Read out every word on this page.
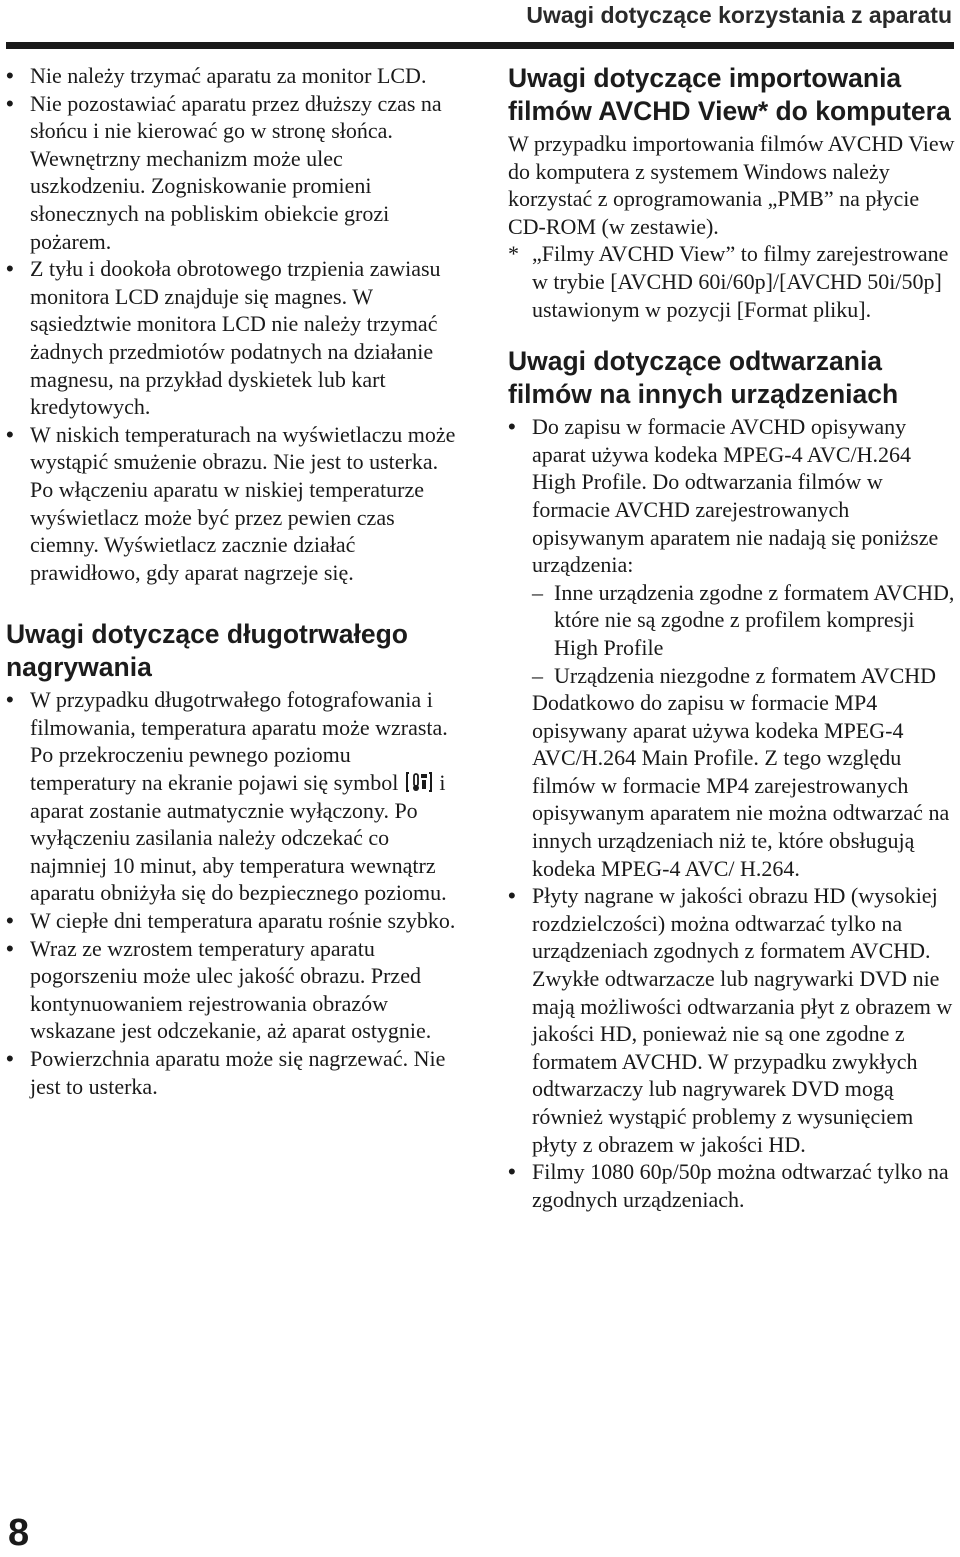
Uwagi dotyczące korzystania z aparatu
• Nie należy trzymać aparatu za monitor LCD.
• Nie pozostawiać aparatu przez dłuższy czas na słońcu i nie kierować go w stronę słońca. Wewnętrzny mechanizm może ulec uszkodzeniu. Zogniskowanie promieni słonecznych na pobliskim obiekcie grozi pożarem.
• Z tyłu i dookoła obrotowego trzpienia zawiasu monitora LCD znajduje się magnes. W sąsiedztwie monitora LCD nie należy trzymać żadnych przedmiotów podatnych na działanie magnesu, na przykład dyskietek lub kart kredytowych.
• W niskich temperaturach na wyświetlaczu może wystąpić smużenie obrazu. Nie jest to usterka. Po włączeniu aparatu w niskiej temperaturze wyświetlacz może być przez pewien czas ciemny. Wyświetlacz zacznie działać prawidłowo, gdy aparat nagrzeje się.
Uwagi dotyczące długotrwałego nagrywania
• W przypadku długotrwałego fotografowania i filmowania, temperatura aparatu może wzrasta. Po przekroczeniu pewnego poziomu temperatury na ekranie pojawi się symbol i aparat zostanie autmatycznie wyłączony. Po wyłączeniu zasilania należy odczekać co najmniej 10 minut, aby temperatura wewnątrz aparatu obniżyła się do bezpiecznego poziomu.
• W ciepłe dni temperatura aparatu rośnie szybko.
• Wraz ze wzrostem temperatury aparatu pogorszeniu może ulec jakość obrazu. Przed kontynuowaniem rejestrowania obrazów wskazane jest odczekanie, aż aparat ostygnie.
• Powierzchnia aparatu może się nagrzewać. Nie jest to usterka.
Uwagi dotyczące importowania filmów AVCHD View* do komputera

W przypadku importowania filmów AVCHD View do komputera z systemem Windows należy korzystać z oprogramowania „PMB” na płycie CD-ROM (w zestawie).

* „Filmy AVCHD View” to filmy zarejestrowane w trybie [AVCHD 60i/60p]/[AVCHD 50i/50p] ustawionym w pozycji [Format pliku].
Uwagi dotyczące odtwarzania filmów na innych urządzeniach
• Do zapisu w formacie AVCHD opisywany aparat używa kodeka MPEG-4 AVC/H.264 High Profile. Do odtwarzania filmów w formacie AVCHD zarejestrowanych opisywanym aparatem nie nadają się poniższe urządzenia:
– Inne urządzenia zgodne z formatem AVCHD, które nie są zgodne z profilem kompresji High Profile
– Urządzenia niezgodne z formatem AVCHD
Dodatkowo do zapisu w formacie MP4 opisywany aparat używa kodeka MPEG-4 AVC/H.264 Main Profile. Z tego względu filmów w formacie MP4 zarejestrowanych opisywanym aparatem nie można odtwarzać na innych urządzeniach niż te, które obsługują kodeka MPEG-4 AVC/ H.264.
• Płyty nagrane w jakości obrazu HD (wysokiej rozdzielczości) można odtwarzać tylko na urządzeniach zgodnych z formatem AVCHD. Zwykłe odtwarzacze lub nagrywarki DVD nie mają możliwości odtwarzania płyt z obrazem w jakości HD, ponieważ nie są one zgodne z formatem AVCHD. W przypadku zwykłych odtwarzaczy lub nagrywarek DVD mogą również wystąpić problemy z wysunięciem płyty z obrazem w jakości HD.
• Filmy 1080 60p/50p można odtwarzać tylko na zgodnych urządzeniach.
8
